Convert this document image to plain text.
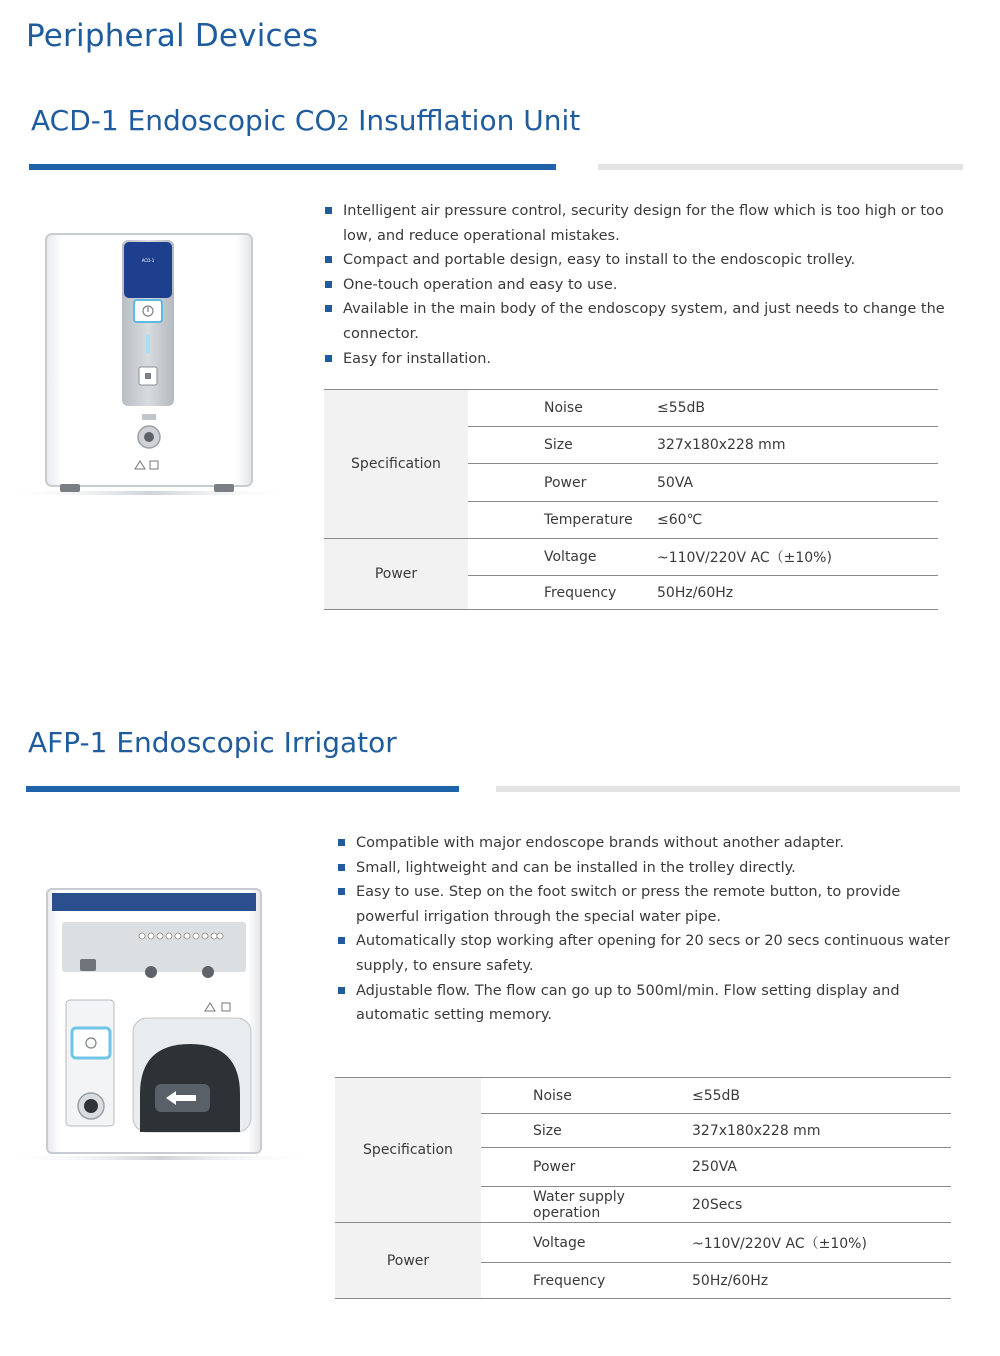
Peripheral Devices
ACD-1 Endoscopic CO2 Insufflation Unit
ACD-1
Intelligent air pressure control, security design for the flow which is too high or too low, and reduce operational mistakes.
Compact and portable design, easy to install to the endoscopic trolley.
One-touch operation and easy to use.
Available in the main body of the endoscopy system, and just needs to change the connector.
Easy for installation.
Specification	Noise	≤55dB
	Size	327x180x228 mm
	Power	50VA
	Temperature	≤60℃
Power	Voltage	~110V/220V AC（±10%)
	Frequency	50Hz/60Hz
AFP-1 Endoscopic Irrigator
Compatible with major endoscope brands without another adapter.
Small, lightweight and can be installed in the trolley directly.
Easy to use. Step on the foot switch or press the remote button, to provide powerful irrigation through the special water pipe.
Automatically stop working after opening for 20 secs or 20 secs continuous water supply, to ensure safety.
Adjustable flow. The flow can go up to 500ml/min. Flow setting display and automatic setting memory.
Specification	Noise	≤55dB
	Size	327x180x228 mm
	Power	250VA
	Water supply operation	20Secs
Power	Voltage	~110V/220V AC（±10%)
	Frequency	50Hz/60Hz
